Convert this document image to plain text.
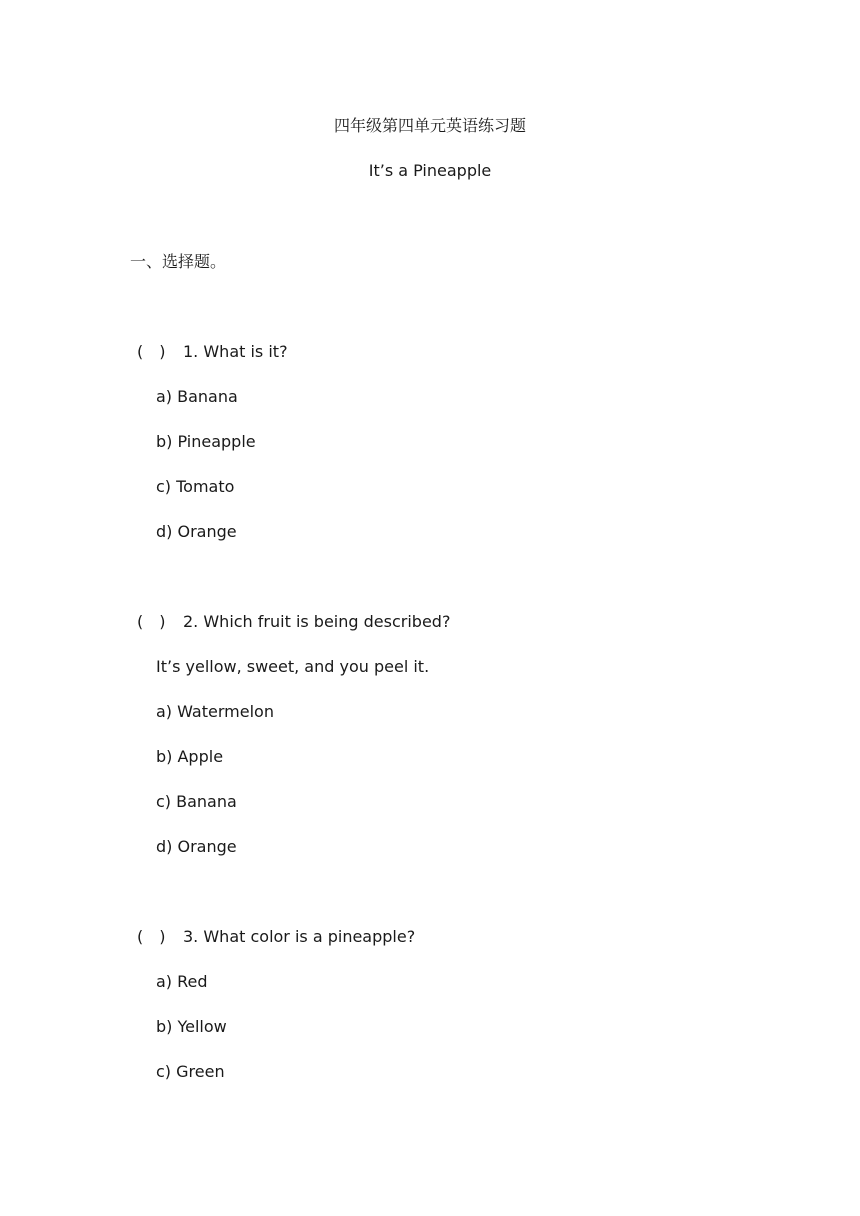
四年级第四单元英语练习题
It’s a Pineapple
一、选择题。
(　) 1. What is it?
a) Banana
b) Pineapple
c) Tomato
d) Orange
(　) 2. Which fruit is being described?
It’s yellow, sweet, and you peel it.
a) Watermelon
b) Apple
c) Banana
d) Orange
(　) 3. What color is a pineapple?
a) Red
b) Yellow
c) Green
